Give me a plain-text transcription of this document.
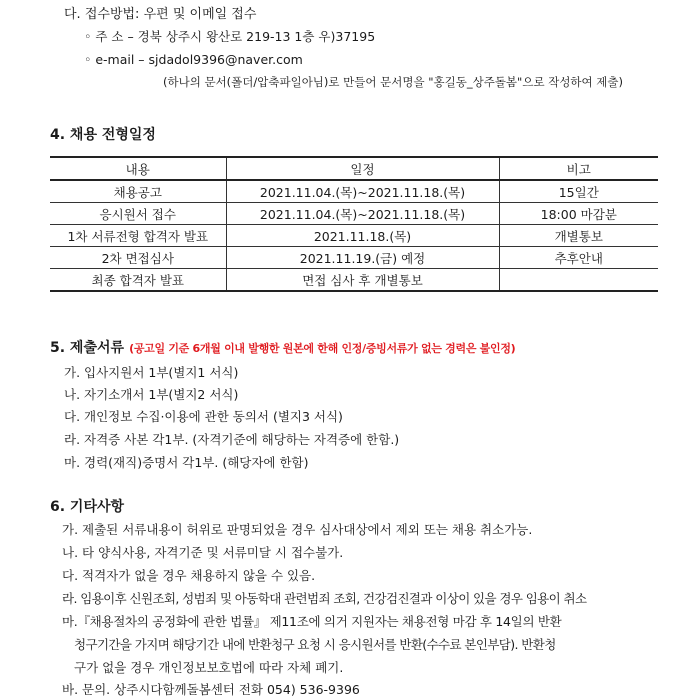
다. 접수방법: 우편 및 이메일 접수
◦ 주 소 – 경북 상주시 왕산로 219-13 1층 우)37195
◦ e-mail – sjdadol9396@naver.com
(하나의 문서(폴더/압축파일아님)로 만들어 문서명을 "홍길동_상주돌봄"으로 작성하여 제출)
4. 채용 전형일정
내용	일정	비고
채용공고	2021.11.04.(목)~2021.11.18.(목)	15일간
응시원서 접수	2021.11.04.(목)~2021.11.18.(목)	18:00 마감분
1차 서류전형 합격자 발표	2021.11.18.(목)	개별통보
2차 면접심사	2021.11.19.(금) 예정	추후안내
최종 합격자 발표	면접 심사 후 개별통보	
5. 제출서류 (공고일 기준 6개월 이내 발행한 원본에 한해 인정/증빙서류가 없는 경력은 불인정)
가. 입사지원서 1부(별지1 서식)
나. 자기소개서 1부(별지2 서식)
다. 개인정보 수집·이용에 관한 동의서 (별지3 서식)
라. 자격증 사본 각1부. (자격기준에 해당하는 자격증에 한함.)
마. 경력(재직)증명서 각1부. (해당자에 한함)
6. 기타사항
가. 제출된 서류내용이 허위로 판명되었을 경우 심사대상에서 제외 또는 채용 취소가능.
나. 타 양식사용, 자격기준 및 서류미달 시 접수불가.
다. 적격자가 없을 경우 채용하지 않을 수 있음.
라. 임용이후 신원조회, 성범죄 및 아동학대 관련범죄 조회, 건강검진결과 이상이 있을 경우 임용이 취소
마.『채용절차의 공정화에 관한 법률』 제11조에 의거 지원자는 채용전형 마감 후 14일의 반환
청구기간을 가지며 해당기간 내에 반환청구 요청 시 응시원서를 반환(수수료 본인부담). 반환청
구가 없을 경우 개인정보보호법에 따라 자체 폐기.
바. 문의. 상주시다함께돌봄센터 전화 054) 536-9396
